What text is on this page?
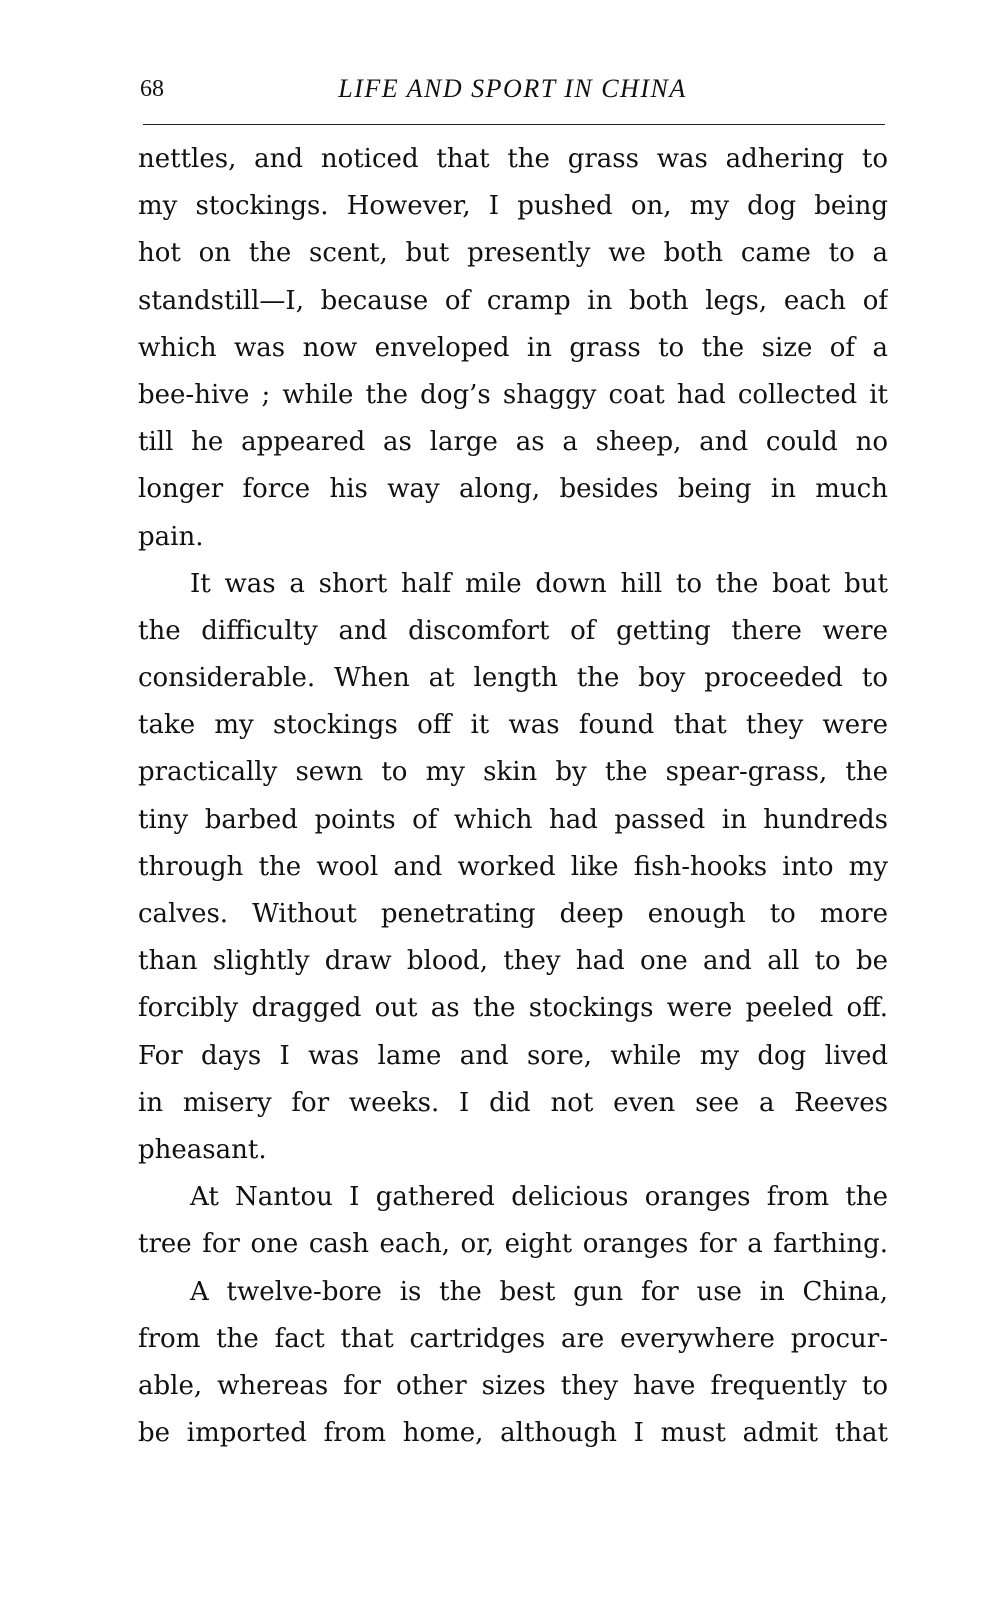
68	LIFE AND SPORT IN CHINA
nettles, and noticed that the grass was adhering to
my stockings. However, I pushed on, my dog being
hot on the scent, but presently we both came to a
standstill—I, because of cramp in both legs, each of
which was now enveloped in grass to the size of a
bee-hive ; while the dog’s shaggy coat had collected it
till he appeared as large as a sheep, and could no
longer force his way along, besides being in much
pain.
It was a short half mile down hill to the boat but
the difficulty and discomfort of getting there were
considerable. When at length the boy proceeded to
take my stockings off it was found that they were
practically sewn to my skin by the spear-grass, the
tiny barbed points of which had passed in hundreds
through the wool and worked like fish-hooks into my
calves. Without penetrating deep enough to more
than slightly draw blood, they had one and all to be
forcibly dragged out as the stockings were peeled off.
For days I was lame and sore, while my dog lived
in misery for weeks. I did not even see a Reeves
pheasant.
At Nantou I gathered delicious oranges from the
tree for one cash each, or, eight oranges for a farthing.
A twelve-bore is the best gun for use in China,
from the fact that cartridges are everywhere procur-
able, whereas for other sizes they have frequently to
be imported from home, although I must admit that
